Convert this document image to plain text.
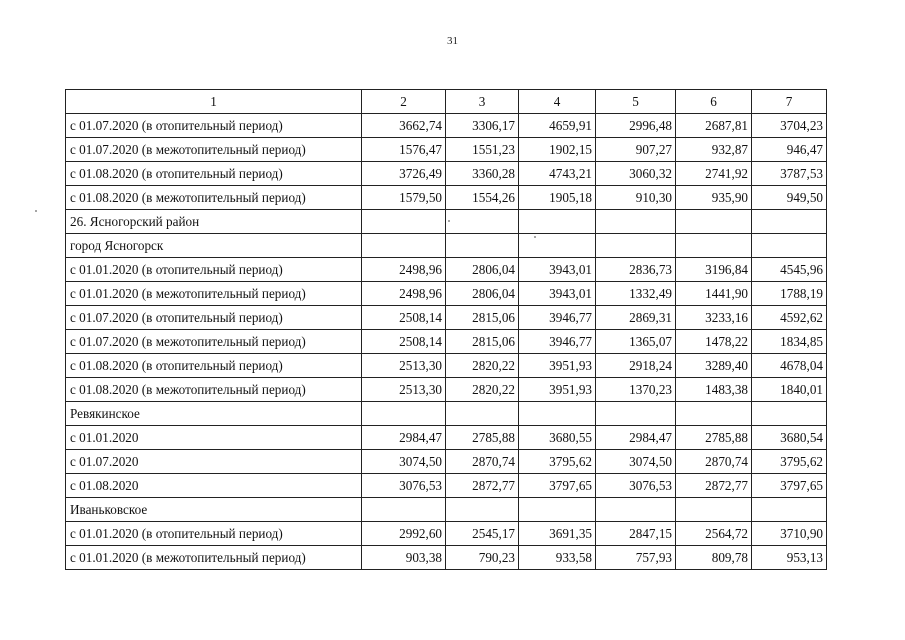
31
1	2	3	4	5	6	7
с 01.07.2020 (в отопительный период)	3662,74	3306,17	4659,91	2996,48	2687,81	3704,23
с 01.07.2020 (в межотопительный период)	1576,47	1551,23	1902,15	907,27	932,87	946,47
с 01.08.2020 (в отопительный период)	3726,49	3360,28	4743,21	3060,32	2741,92	3787,53
с 01.08.2020 (в межотопительный период)	1579,50	1554,26	1905,18	910,30	935,90	949,50
26. Ясногорский район						
город Ясногорск						
с 01.01.2020 (в отопительный период)	2498,96	2806,04	3943,01	2836,73	3196,84	4545,96
с 01.01.2020 (в межотопительный период)	2498,96	2806,04	3943,01	1332,49	1441,90	1788,19
с 01.07.2020 (в отопительный период)	2508,14	2815,06	3946,77	2869,31	3233,16	4592,62
с 01.07.2020 (в межотопительный период)	2508,14	2815,06	3946,77	1365,07	1478,22	1834,85
с 01.08.2020 (в отопительный период)	2513,30	2820,22	3951,93	2918,24	3289,40	4678,04
с 01.08.2020 (в межотопительный период)	2513,30	2820,22	3951,93	1370,23	1483,38	1840,01
Ревякинское						
с 01.01.2020	2984,47	2785,88	3680,55	2984,47	2785,88	3680,54
с 01.07.2020	3074,50	2870,74	3795,62	3074,50	2870,74	3795,62
с 01.08.2020	3076,53	2872,77	3797,65	3076,53	2872,77	3797,65
Иваньковское						
с 01.01.2020 (в отопительный период)	2992,60	2545,17	3691,35	2847,15	2564,72	3710,90
с 01.01.2020 (в межотопительный период)	903,38	790,23	933,58	757,93	809,78	953,13
